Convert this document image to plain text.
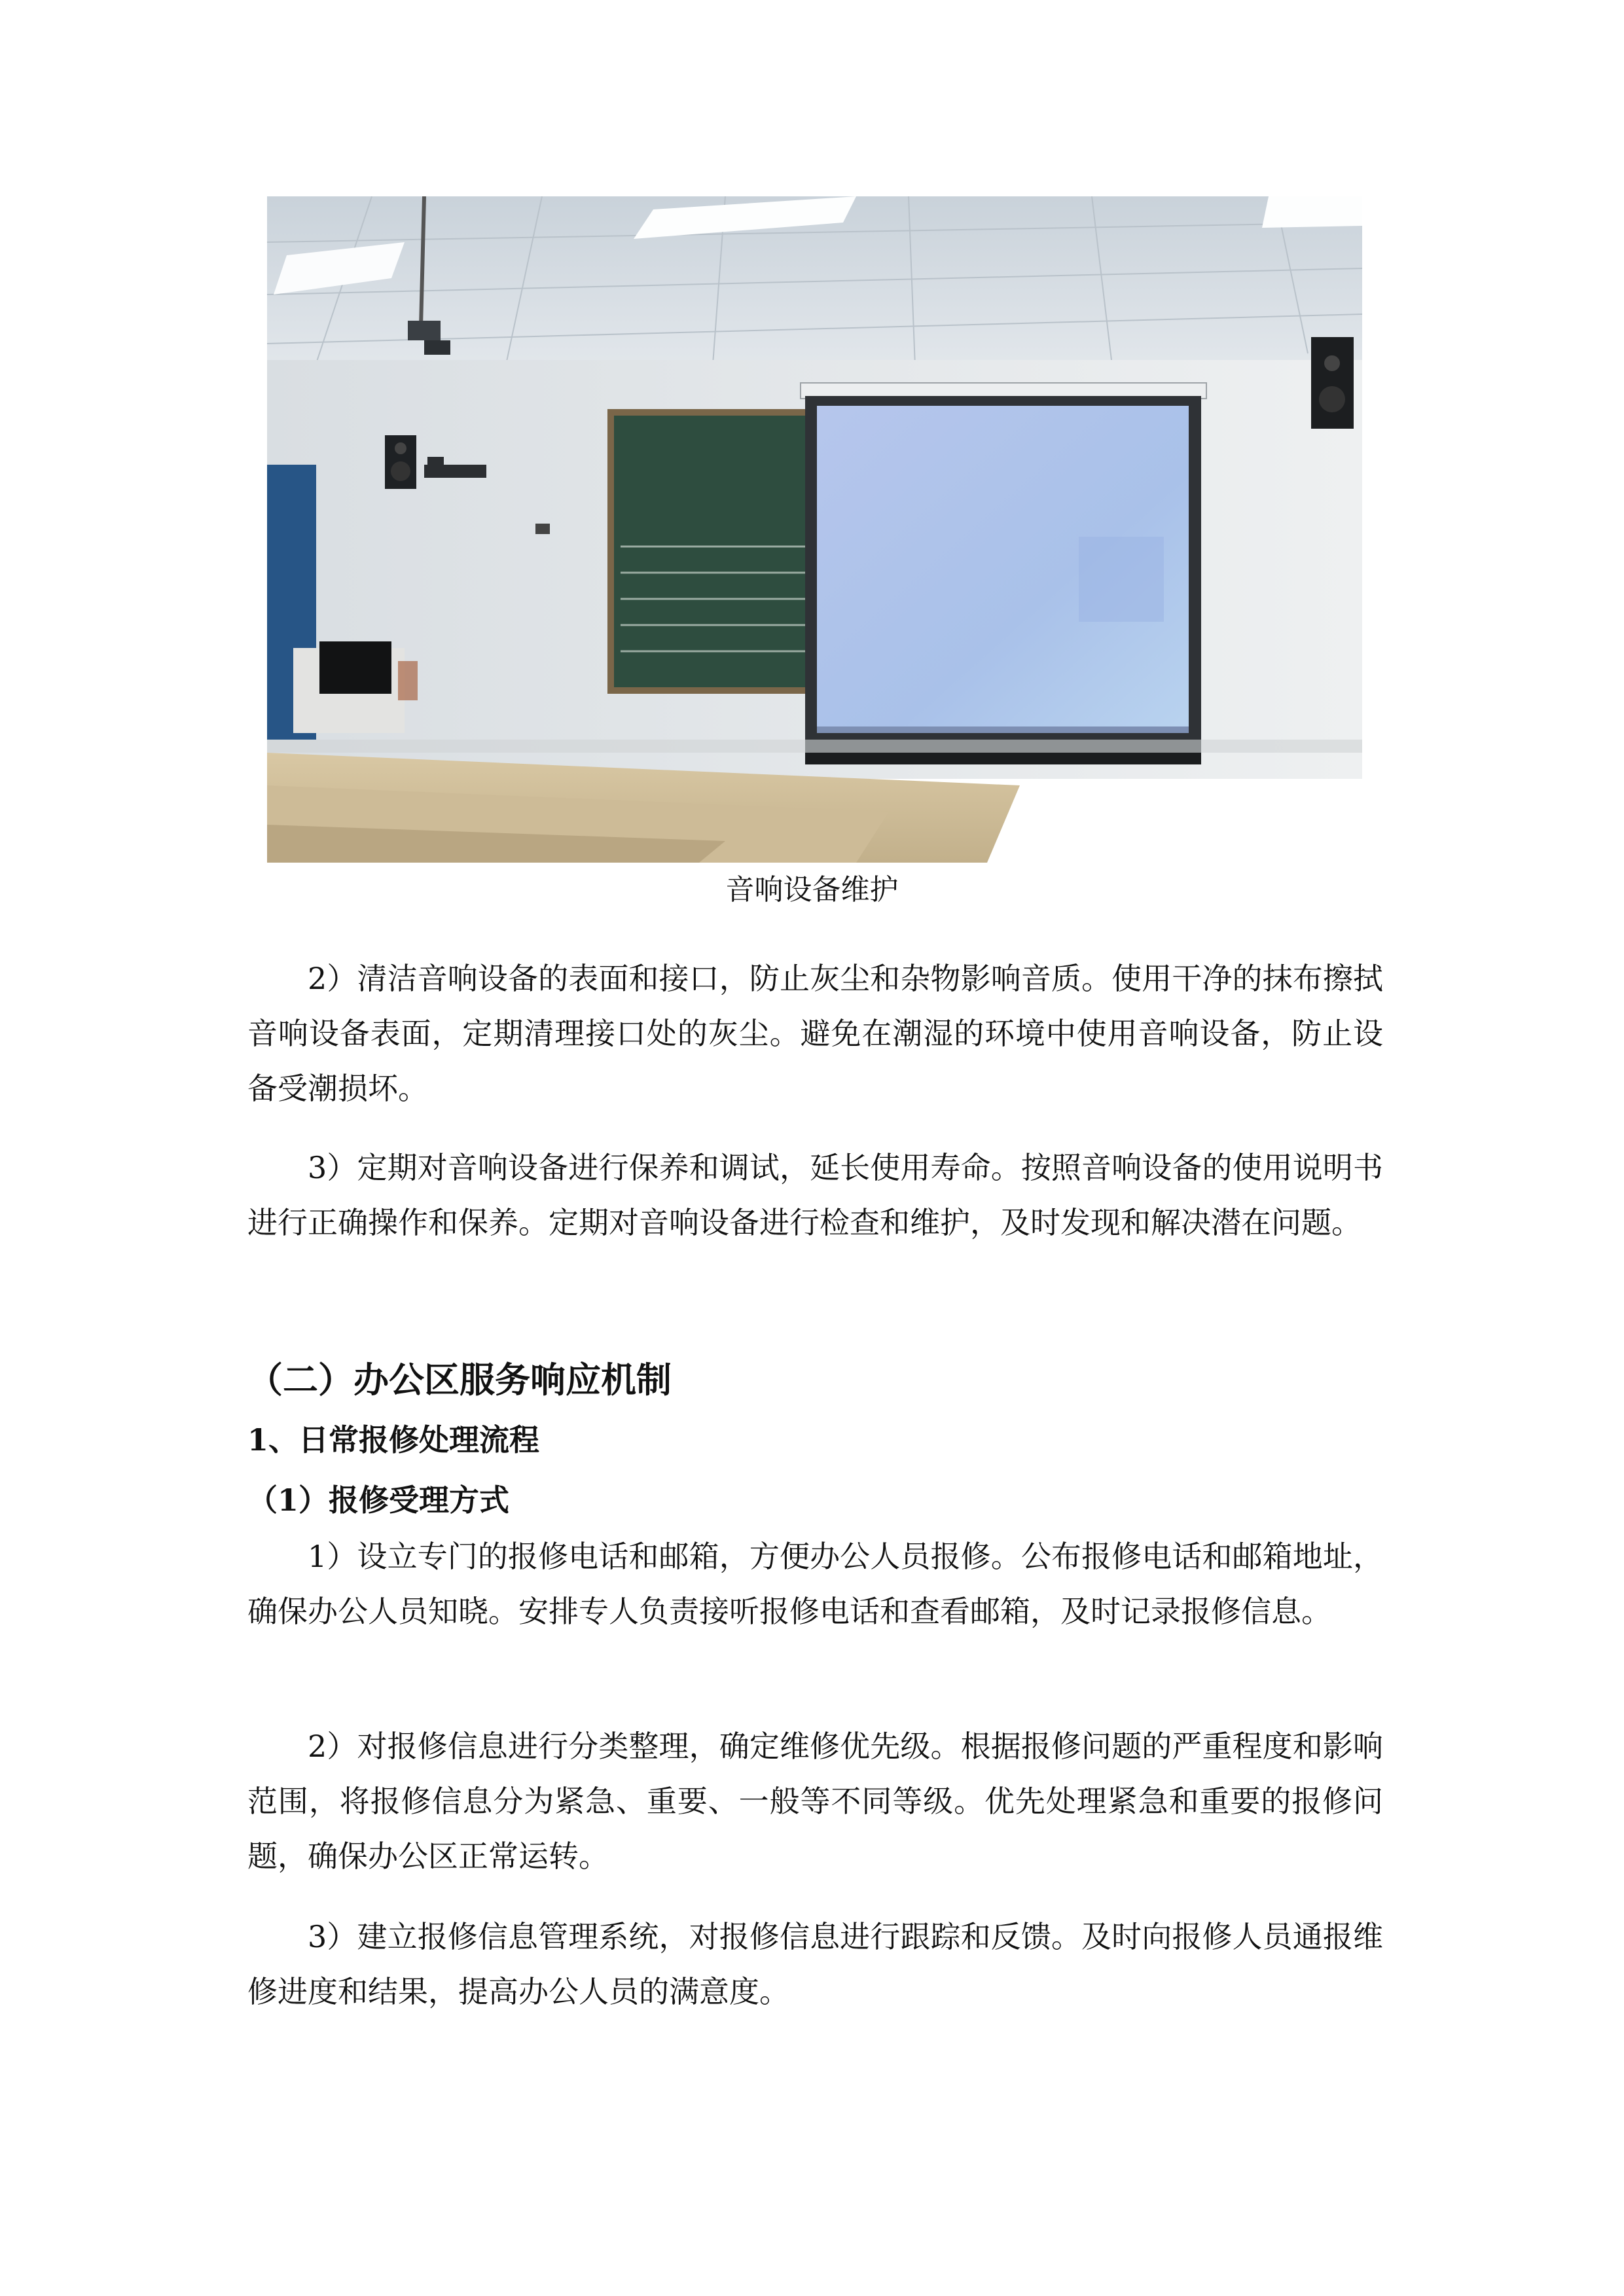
音响设备维护

2）清洁音响设备的表面和接口，防止灰尘和杂物影响音质。使用干净的抹布擦拭音响设备表面，定期清理接口处的灰尘。避免在潮湿的环境中使用音响设备，防止设备受潮损坏。

3）定期对音响设备进行保养和调试，延长使用寿命。按照音响设备的使用说明书进行正确操作和保养。定期对音响设备进行检查和维护，及时发现和解决潜在问题。

（二）办公区服务响应机制
1、日常报修处理流程
（1）报修受理方式

1）设立专门的报修电话和邮箱，方便办公人员报修。公布报修电话和邮箱地址，确保办公人员知晓。安排专人负责接听报修电话和查看邮箱，及时记录报修信息。

2）对报修信息进行分类整理，确定维修优先级。根据报修问题的严重程度和影响范围，将报修信息分为紧急、重要、一般等不同等级。优先处理紧急和重要的报修问题，确保办公区正常运转。

3）建立报修信息管理系统，对报修信息进行跟踪和反馈。及时向报修人员通报维修进度和结果，提高办公人员的满意度。
